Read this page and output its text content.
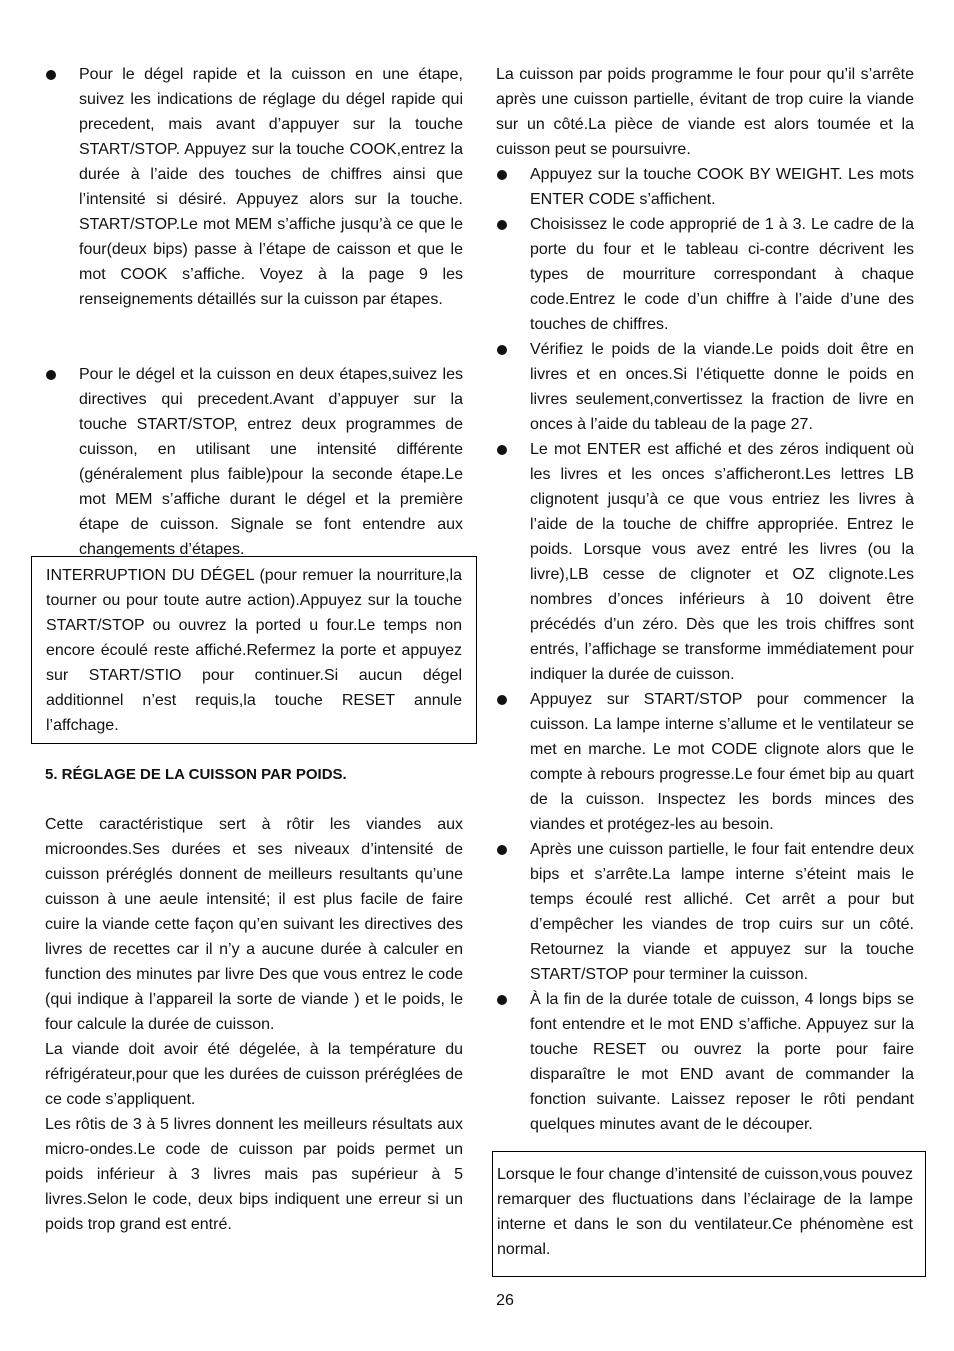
Pour le dégel rapide et la cuisson en une étape, suivez les indications de réglage du dégel rapide qui precedent, mais avant d’appuyer sur la touche START/STOP. Appuyez sur la touche COOK,entrez la durée à l’aide des touches de chiffres ainsi que l’intensité si désiré. Appuyez alors sur la touche. START/STOP.Le mot MEM s’affiche jusqu’à ce que le four(deux bips) passe à l’étape de caisson et que le mot COOK s’affiche. Voyez à la page 9 les renseignements détaillés sur la cuisson par étapes.
Pour le dégel et la cuisson en deux étapes,suivez les directives qui precedent.Avant d’appuyer sur la touche START/STOP, entrez deux programmes de cuisson, en utilisant une intensité différente (généralement plus faible)pour la seconde étape.Le mot MEM s’affiche durant le dégel et la première étape de cuisson. Signale se font entendre aux changements d’étapes.

INTERRUPTION DU DÉGEL (pour remuer la nourriture,la tourner ou pour toute autre action).Appuyez sur la touche START/STOP ou ouvrez la ported u four.Le temps non encore écoulé reste affiché.Refermez la porte et appuyez sur START/STIO pour continuer.Si aucun dégel additionnel n’est requis,la touche RESET annule l’affchage.

5. RÉGLAGE DE LA CUISSON PAR POIDS.

Cette caractéristique sert à rôtir les viandes aux microondes.Ses durées et ses niveaux d’intensité de cuisson préréglés donnent de meilleurs resultants qu’une cuisson à une aeule intensité; il est plus facile de faire cuire la viande cette façon qu’en suivant les directives des livres de recettes car il n’y a aucune durée à calculer en function des minutes par livre Des que vous entrez le code (qui indique à l’appareil la sorte de viande ) et le poids, le four calcule la durée de cuisson.

La viande doit avoir été dégelée, à la température du réfrigérateur,pour que les durées de cuisson préréglées de ce code s’appliquent.

Les rôtis de 3 à 5 livres donnent les meilleurs résultats aux micro-ondes.Le code de cuisson par poids permet un poids inférieur à 3 livres mais pas supérieur à 5 livres.Selon le code, deux bips indiquent une erreur si un poids trop grand est entré.

La cuisson par poids programme le four pour qu’il s’arrête après une cuisson partielle, évitant de trop cuire la viande sur un côté.La pièce de viande est alors toumée et la cuisson peut se poursuivre.

Appuyez sur la touche COOK BY WEIGHT. Les mots ENTER CODE s’affichent.
Choisissez le code approprié de 1 à 3. Le cadre de la porte du four et le tableau ci-contre décrivent les types de mourriture correspondant à chaque code.Entrez le code d’un chiffre à l’aide d’une des touches de chiffres.
Vérifiez le poids de la viande.Le poids doit être en livres et en onces.Si l’étiquette donne le poids en livres seulement,convertissez la fraction de livre en onces à l’aide du tableau de la page 27.
Le mot ENTER est affiché et des zéros indiquent où les livres et les onces s’afficheront.Les lettres LB clignotent jusqu’à ce que vous entriez les livres à l’aide de la touche de chiffre appropriée. Entrez le poids. Lorsque vous avez entré les livres (ou la livre),LB cesse de clignoter et OZ clignote.Les nombres d’onces inférieurs à 10 doivent être précédés d’un zéro. Dès que les trois chiffres sont entrés, l’affichage se transforme immédiatement pour indiquer la durée de cuisson.
Appuyez sur START/STOP pour commencer la cuisson. La lampe interne s’allume et le ventilateur se met en marche. Le mot CODE clignote alors que le compte à rebours progresse.Le four émet bip au quart de la cuisson. Inspectez les bords minces des viandes et protégez-les au besoin.
Après une cuisson partielle, le four fait entendre deux bips et s’arrête.La lampe interne s’éteint mais le temps écoulé rest alliché. Cet arrêt a pour but d’empêcher les viandes de trop cuirs sur un côté. Retournez la viande et appuyez sur la touche START/STOP pour terminer la cuisson.
À la fin de la durée totale de cuisson, 4 longs bips se font entendre et le mot END s’affiche. Appuyez sur la touche RESET ou ouvrez la porte pour faire disparaître le mot END avant de commander la fonction suivante. Laissez reposer le rôti pendant quelques minutes avant de le découper.

Lorsque le four change d’intensité de cuisson,vous pouvez remarquer des fluctuations dans l’éclairage de la lampe interne et dans le son du ventilateur.Ce phénomène est normal.

26
